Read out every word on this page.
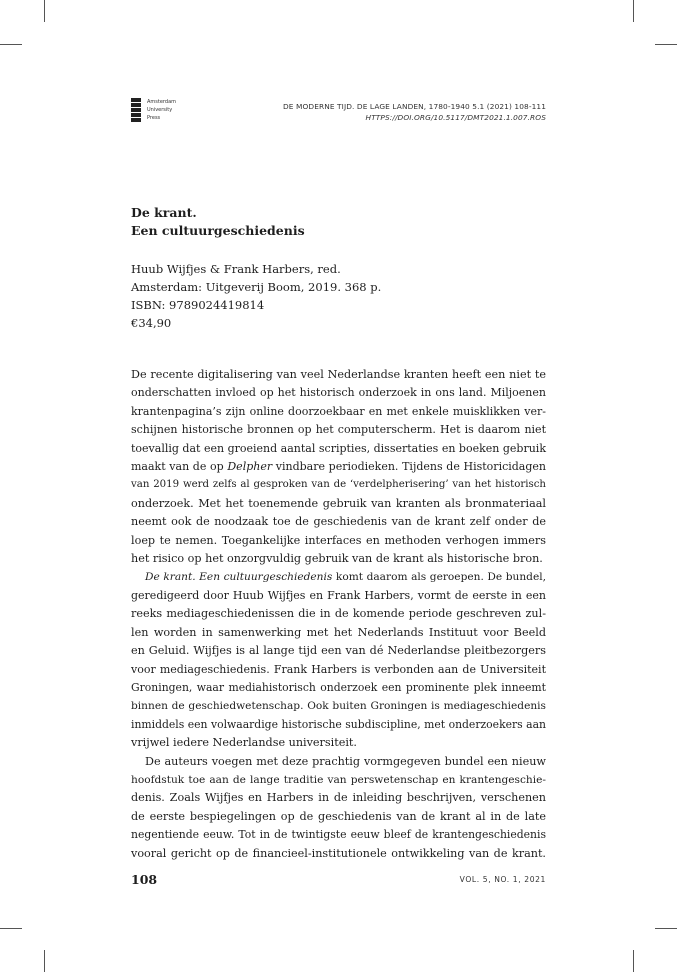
Amsterdam
University
Press
DE MODERNE TIJD. DE LAGE LANDEN, 1780-1940 5.1 (2021) 108-111
HTTPS://DOI.ORG/10.5117/DMT2021.1.007.ROS
De krant.
Een cultuurgeschiedenis
Huub Wijfjes & Frank Harbers, red.
Amsterdam: Uitgeverij Boom, 2019. 368 p.
ISBN: 9789024419814
€34,90
De recente digitalisering van veel Nederlandse kranten heeft een niet te
onderschatten invloed op het historisch onderzoek in ons land. Miljoenen
krantenpagina’s zijn online doorzoekbaar en met enkele muisklikken ver-
schijnen historische bronnen op het computerscherm. Het is daarom niet
toevallig dat een groeiend aantal scripties, dissertaties en boeken gebruik
maakt van de op Delpher vindbare periodieken. Tijdens de Historicidagen
van 2019 werd zelfs al gesproken van de ‘verdelpherisering’ van het historisch
onderzoek. Met het toenemende gebruik van kranten als bronmateriaal
neemt ook de noodzaak toe de geschiedenis van de krant zelf onder de
loep te nemen. Toegankelijke interfaces en methoden verhogen immers
het risico op het onzorgvuldig gebruik van de krant als historische bron.
De krant. Een cultuurgeschiedenis komt daarom als geroepen. De bundel,
geredigeerd door Huub Wijfjes en Frank Harbers, vormt de eerste in een
reeks mediageschiedenissen die in de komende periode geschreven zul-
len worden in samenwerking met het Nederlands Instituut voor Beeld
en Geluid. Wijfjes is al lange tijd een van dé Nederlandse pleitbezorgers
voor mediageschiedenis. Frank Harbers is verbonden aan de Universiteit
Groningen, waar mediahistorisch onderzoek een prominente plek inneemt
binnen de geschiedwetenschap. Ook buiten Groningen is mediageschiedenis
inmiddels een volwaardige historische subdiscipline, met onderzoekers aan
vrijwel iedere Nederlandse universiteit.
De auteurs voegen met deze prachtig vormgegeven bundel een nieuw
hoofdstuk toe aan de lange traditie van perswetenschap en krantengeschie-
denis. Zoals Wijfjes en Harbers in de inleiding beschrijven, verschenen
de eerste bespiegelingen op de geschiedenis van de krant al in de late
negentiende eeuw. Tot in de twintigste eeuw bleef de krantengeschiedenis
vooral gericht op de financieel-institutionele ontwikkeling van de krant.
108	VOL. 5, NO. 1, 2021
